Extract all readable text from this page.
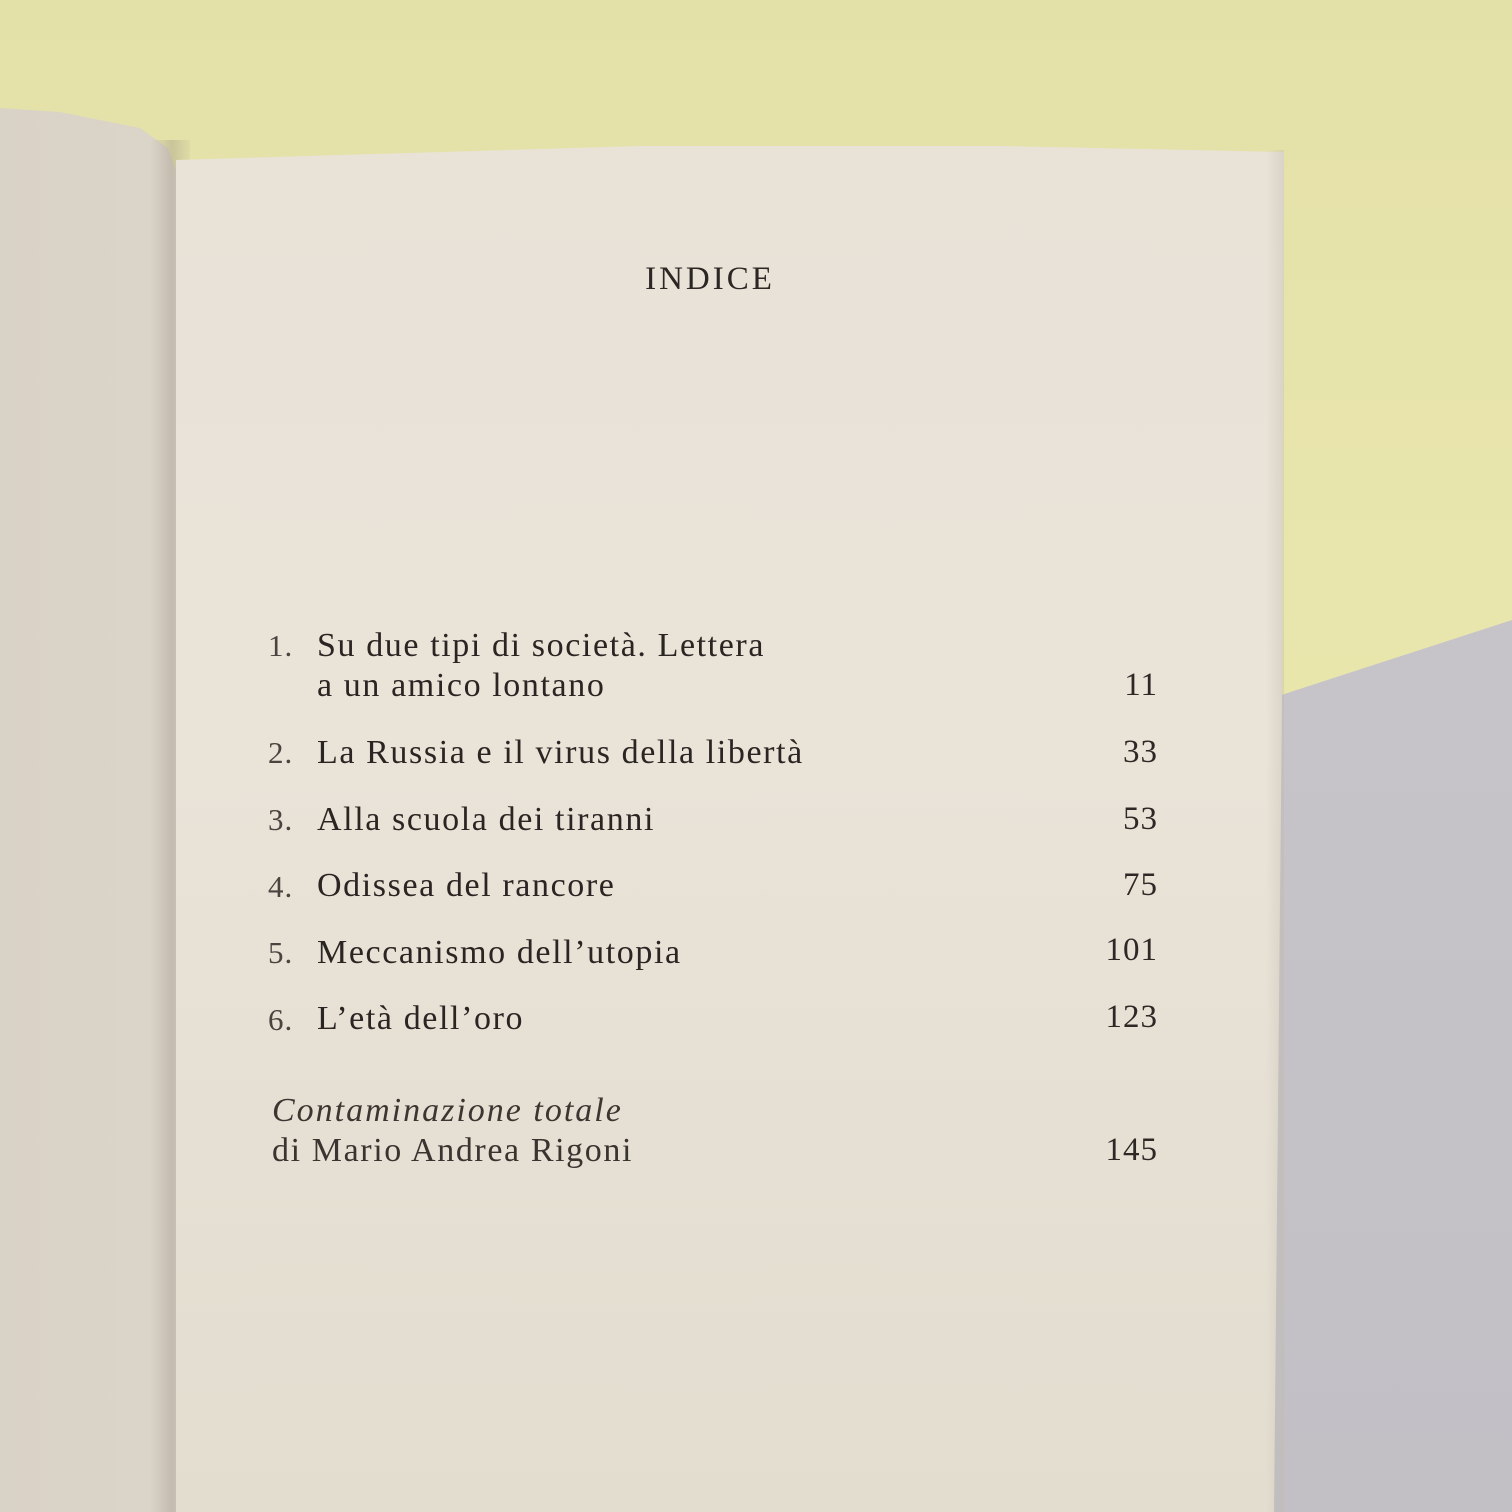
INDICE
1. Su due tipi di società. Lettera
a un amico lontano	11
2. La Russia e il virus della libertà	33
3. Alla scuola dei tiranni	53
4. Odissea del rancore	75
5. Meccanismo dell’utopia	101
6. L’età dell’oro	123
Contaminazione totale
di Mario Andrea Rigoni	145
